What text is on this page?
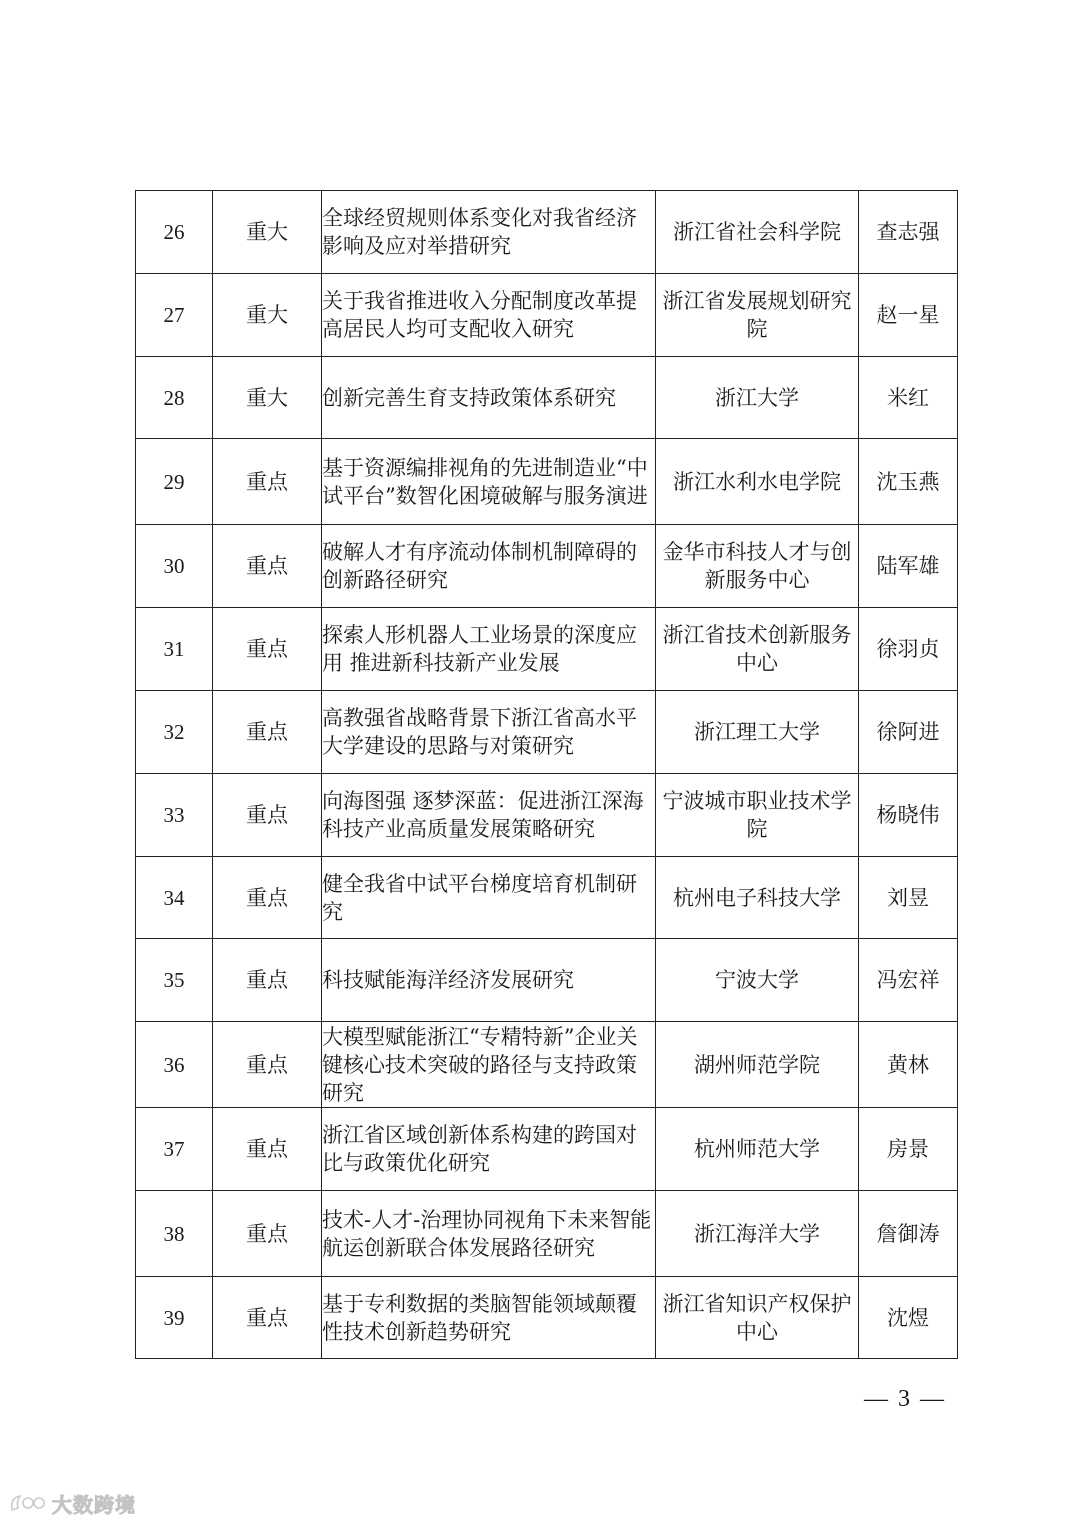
26	重大	全球经贸规则体系变化对我省经济影响及应对举措研究	浙江省社会科学院	查志强
27	重大	关于我省推进收入分配制度改革提高居民人均可支配收入研究	浙江省发展规划研究院	赵一星
28	重大	创新完善生育支持政策体系研究	浙江大学	米红
29	重点	基于资源编排视角的先进制造业“中试平台”数智化困境破解与服务演进	浙江水利水电学院	沈玉燕
30	重点	破解人才有序流动体制机制障碍的创新路径研究	金华市科技人才与创新服务中心	陆军雄
31	重点	探索人形机器人工业场景的深度应用 推进新科技新产业发展	浙江省技术创新服务中心	徐羽贞
32	重点	高教强省战略背景下浙江省高水平大学建设的思路与对策研究	浙江理工大学	徐阿进
33	重点	向海图强 逐梦深蓝：促进浙江深海科技产业高质量发展策略研究	宁波城市职业技术学院	杨晓伟
34	重点	健全我省中试平台梯度培育机制研究	杭州电子科技大学	刘昱
35	重点	科技赋能海洋经济发展研究	宁波大学	冯宏祥
36	重点	大模型赋能浙江“专精特新”企业关键核心技术突破的路径与支持政策研究	湖州师范学院	黄林
37	重点	浙江省区域创新体系构建的跨国对比与政策优化研究	杭州师范大学	房景
38	重点	技术-人才-治理协同视角下未来智能航运创新联合体发展路径研究	浙江海洋大学	詹御涛
39	重点	基于专利数据的类脑智能领域颠覆性技术创新趋势研究	浙江省知识产权保护中心	沈煜
— 3 —
大数跨境
